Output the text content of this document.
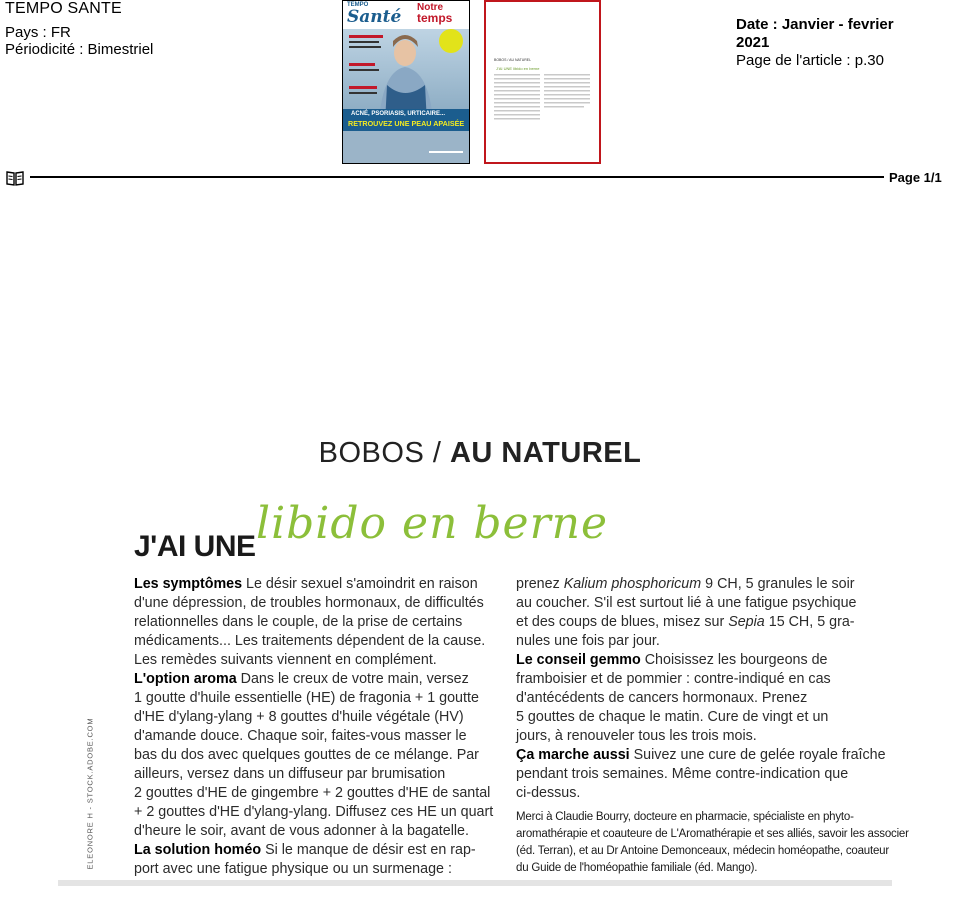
TEMPO SANTE
Pays : FR
Périodicité : Bimestriel
Date : Janvier - fevrier
2021
Page de l'article : p.30
TEMPO
Santé Notre
temps
ACNÉ, PSORIASIS, URTICAIRE...
RETROUVEZ UNE PEAU APAISÉE
BOBOS / AU NATUREL
J'AI UNE libido en berne
Page 1/1
BOBOS / AU NATUREL
J'AI UNE libido en berne
Les symptômes Le désir sexuel s'amoindrit en raison
d'une dépression, de troubles hormonaux, de difficultés
relationnelles dans le couple, de la prise de certains
médicaments... Les traitements dépendent de la cause.
Les remèdes suivants viennent en complément.
L'option aroma Dans le creux de votre main, versez
1 goutte d'huile essentielle (HE) de fragonia + 1 goutte
d'HE d'ylang-ylang + 8 gouttes d'huile végétale (HV)
d'amande douce. Chaque soir, faites-vous masser le
bas du dos avec quelques gouttes de ce mélange. Par
ailleurs, versez dans un diffuseur par brumisation
2 gouttes d'HE de gingembre + 2 gouttes d'HE de santal
+ 2 gouttes d'HE d'ylang-ylang. Diffusez ces HE un quart
d'heure le soir, avant de vous adonner à la bagatelle.
La solution homéo Si le manque de désir est en rap-
port avec une fatigue physique ou un surmenage :
prenez Kalium phosphoricum 9 CH, 5 granules le soir
au coucher. S'il est surtout lié à une fatigue psychique
et des coups de blues, misez sur Sepia 15 CH, 5 gra-
nules une fois par jour.
Le conseil gemmo Choisissez les bourgeons de
framboisier et de pommier : contre-indiqué en cas
d'antécédents de cancers hormonaux. Prenez
5 gouttes de chaque le matin. Cure de vingt et un
jours, à renouveler tous les trois mois.
Ça marche aussi Suivez une cure de gelée royale fraîche
pendant trois semaines. Même contre-indication que
ci-dessus.
Merci à Claudie Bourry, docteure en pharmacie, spécialiste en phyto-
aromathérapie et coauteure de L'Aromathérapie et ses alliés, savoir les associer
(éd. Terran), et au Dr Antoine Demonceaux, médecin homéopathe, coauteur
du Guide de l'homéopathie familiale (éd. Mango).
ELEONORE H - STOCK.ADOBE.COM
